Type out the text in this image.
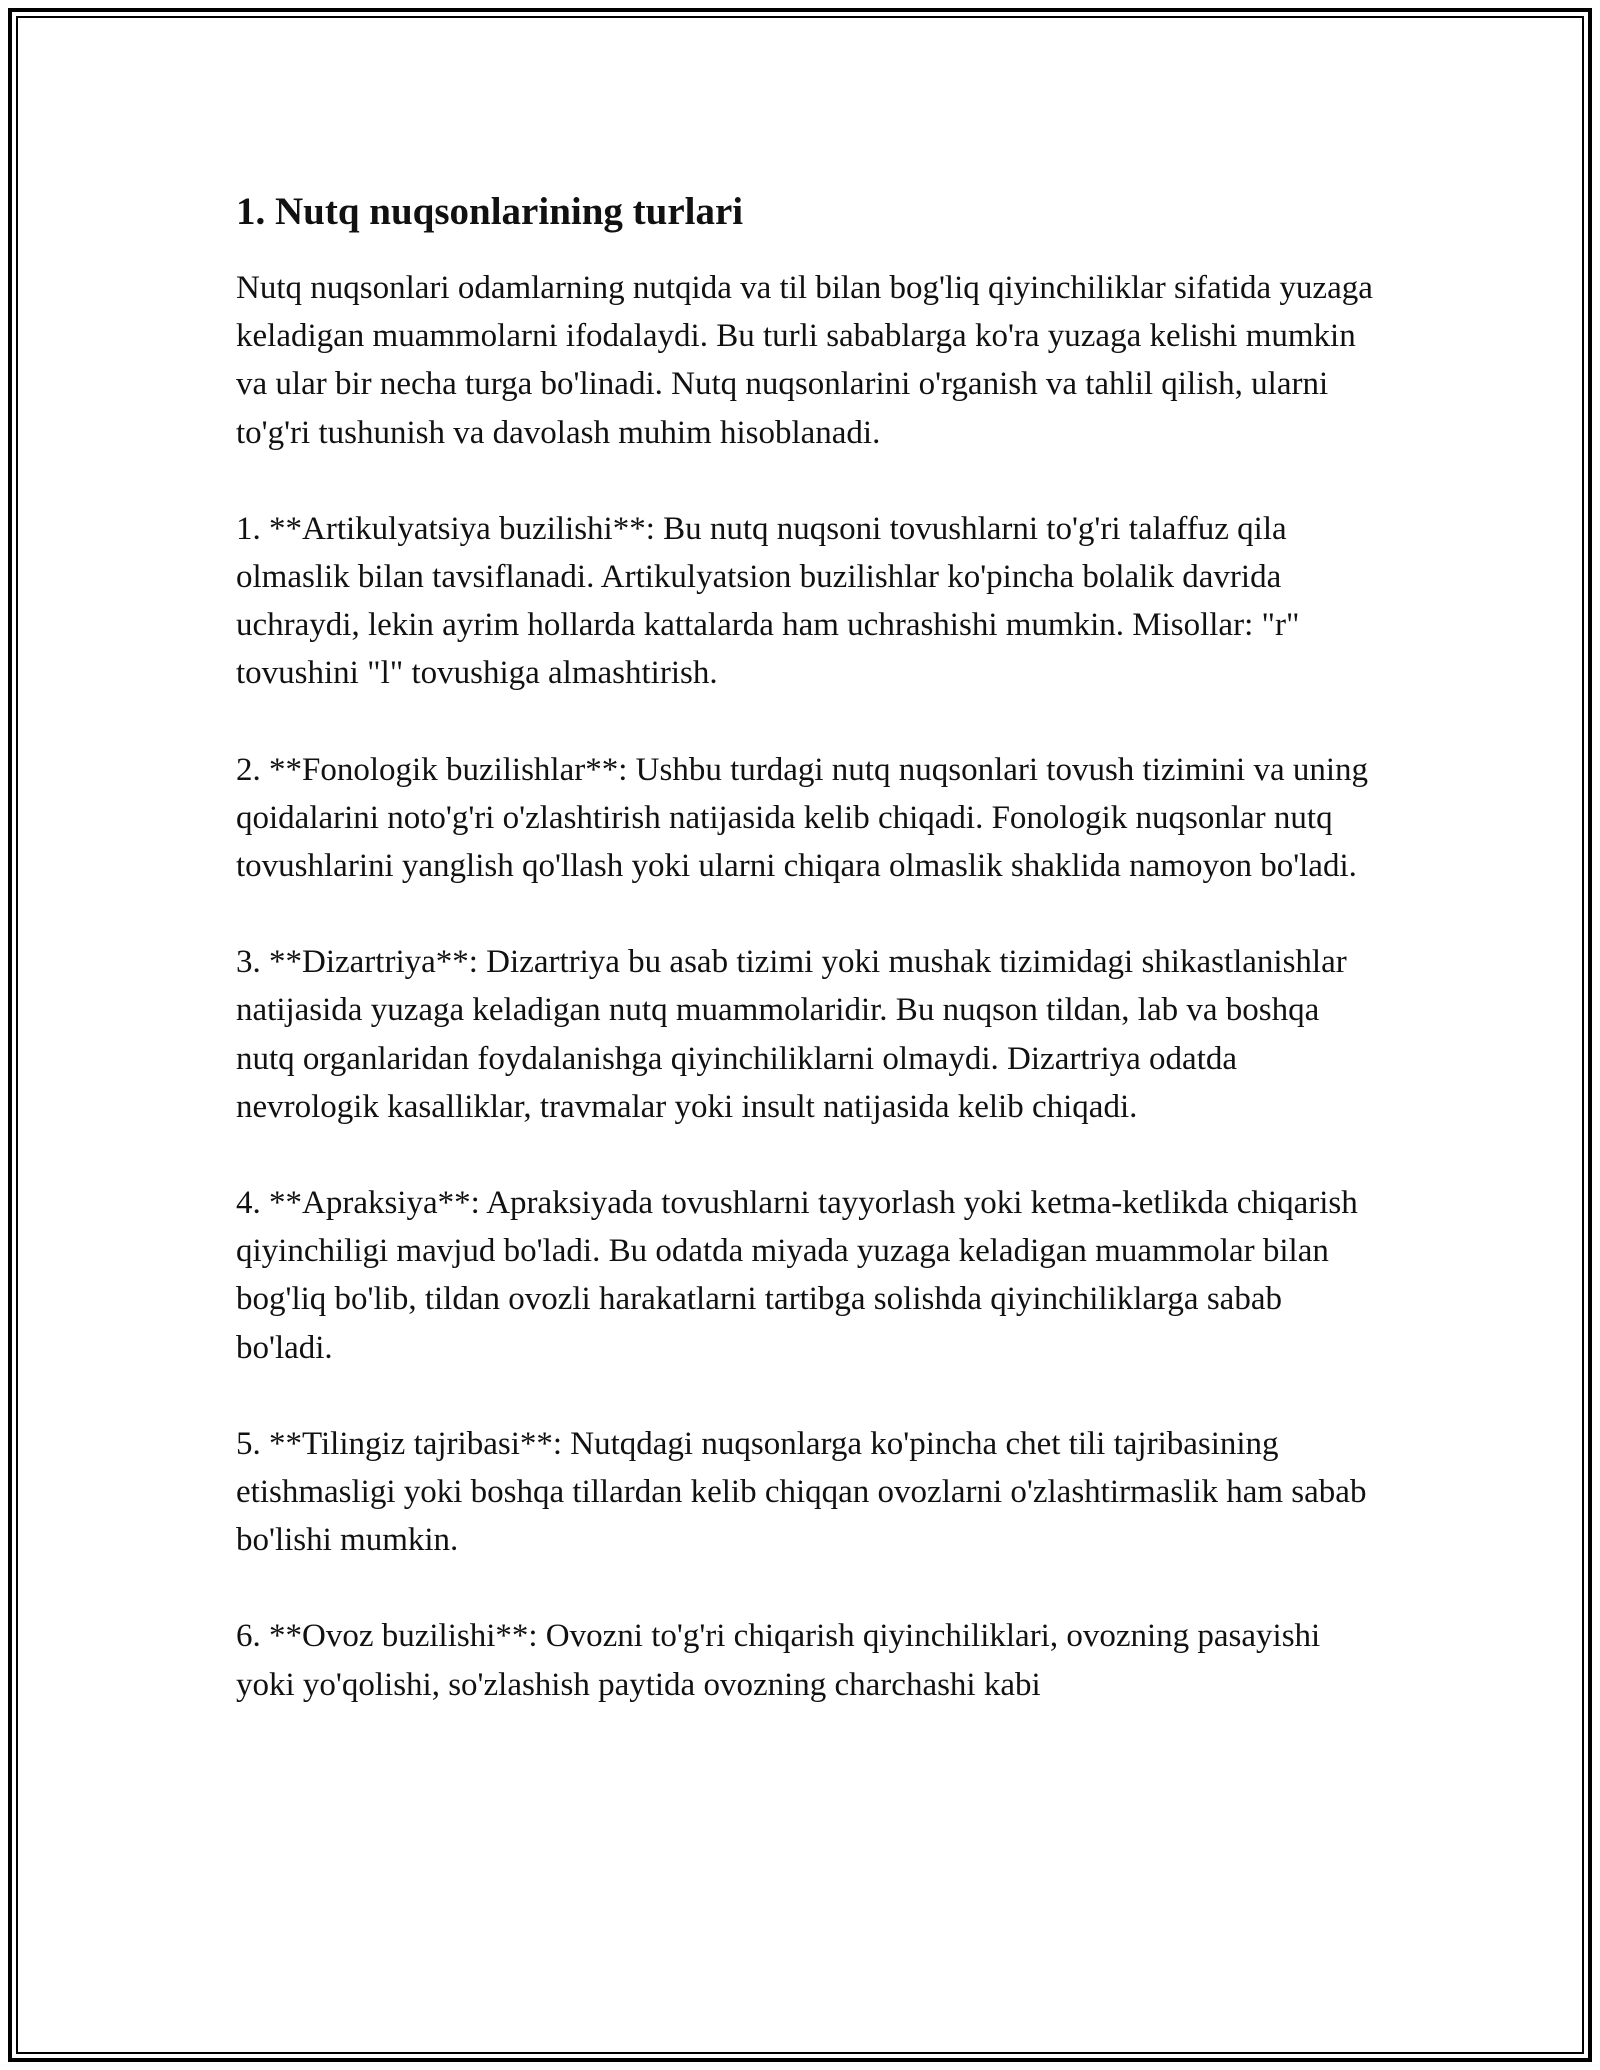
1. Nutq nuqsonlarining turlari

Nutq nuqsonlari odamlarning nutqida va til bilan bog'liq qiyinchiliklar sifatida yuzaga keladigan muammolarni ifodalaydi. Bu turli sabablarga ko'ra yuzaga kelishi mumkin va ular bir necha turga bo'linadi. Nutq nuqsonlarini o'rganish va tahlil qilish, ularni to'g'ri tushunish va davolash muhim hisoblanadi.

1. **Artikulyatsiya buzilishi**: Bu nutq nuqsoni tovushlarni to'g'ri talaffuz qila olmaslik bilan tavsiflanadi. Artikulyatsion buzilishlar ko'pincha bolalik davrida uchraydi, lekin ayrim hollarda kattalarda ham uchrashishi mumkin. Misollar: "r" tovushini "l" tovushiga almashtirish.

2. **Fonologik buzilishlar**: Ushbu turdagi nutq nuqsonlari tovush tizimini va uning qoidalarini noto'g'ri o'zlashtirish natijasida kelib chiqadi. Fonologik nuqsonlar nutq tovushlarini yanglish qo'llash yoki ularni chiqara olmaslik shaklida namoyon bo'ladi.

3. **Dizartriya**: Dizartriya bu asab tizimi yoki mushak tizimidagi shikastlanishlar natijasida yuzaga keladigan nutq muammolaridir. Bu nuqson tildan, lab va boshqa nutq organlaridan foydalanishga qiyinchiliklarni olmaydi. Dizartriya odatda nevrologik kasalliklar, travmalar yoki insult natijasida kelib chiqadi.

4. **Apraksiya**: Apraksiyada tovushlarni tayyorlash yoki ketma-ketlikda chiqarish qiyinchiligi mavjud bo'ladi. Bu odatda miyada yuzaga keladigan muammolar bilan bog'liq bo'lib, tildan ovozli harakatlarni tartibga solishda qiyinchiliklarga sabab bo'ladi.

5. **Tilingiz tajribasi**: Nutqdagi nuqsonlarga ko'pincha chet tili tajribasining etishmasligi yoki boshqa tillardan kelib chiqqan ovozlarni o'zlashtirmaslik ham sabab bo'lishi mumkin.

6. **Ovoz buzilishi**: Ovozni to'g'ri chiqarish qiyinchiliklari, ovozning pasayishi yoki yo'qolishi, so'zlashish paytida ovozning charchashi kabi
